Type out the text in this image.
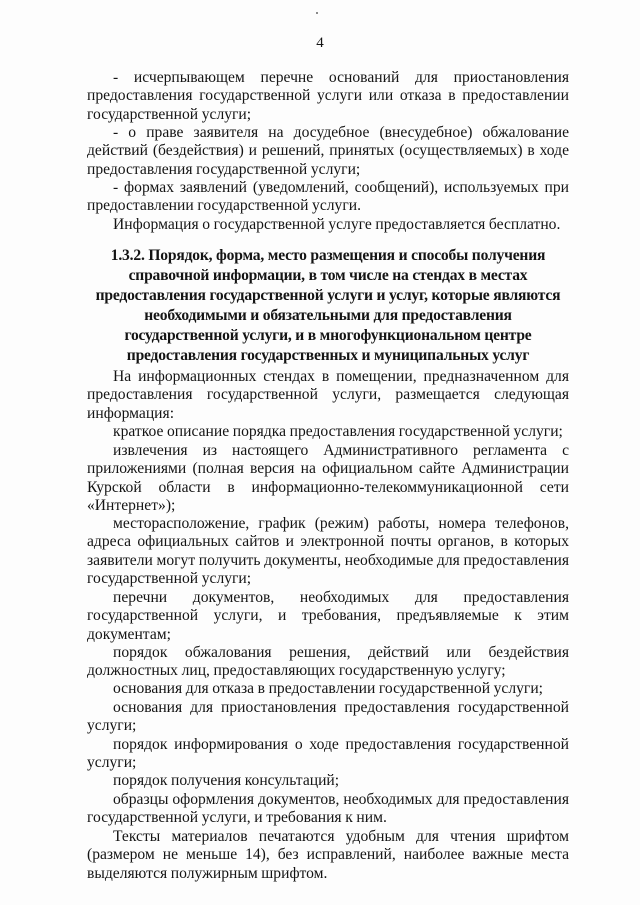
4

- исчерпывающем перечне оснований для приостановления предоставления государственной услуги или отказа в предоставлении государственной услуги;

- о праве заявителя на досудебное (внесудебное) обжалование действий (бездействия) и решений, принятых (осуществляемых) в ходе предоставления государственной услуги;

- формах заявлений (уведомлений, сообщений), используемых при предоставлении государственной услуги.

Информация о государственной услуге предоставляется бесплатно.

1.3.2. Порядок, форма, место размещения и способы получения справочной информации, в том числе на стендах в местах предоставления государственной услуги и услуг, которые являются необходимыми и обязательными для предоставления государственной услуги, и в многофункциональном центре предоставления государственных и муниципальных услуг

На информационных стендах в помещении, предназначенном для предоставления государственной услуги, размещается следующая информация:

краткое описание порядка предоставления государственной услуги;

извлечения из настоящего Административного регламента с приложениями (полная версия на официальном сайте Администрации Курской области в информационно-телекоммуникационной сети «Интернет»);

месторасположение, график (режим) работы, номера телефонов, адреса официальных сайтов и электронной почты органов, в которых заявители могут получить документы, необходимые для предоставления государственной услуги;

перечни документов, необходимых для предоставления государственной услуги, и требования, предъявляемые к этим документам;

порядок обжалования решения, действий или бездействия должностных лиц, предоставляющих государственную услугу;

основания для отказа в предоставлении государственной услуги;

основания для приостановления предоставления государственной услуги;

порядок информирования о ходе предоставления государственной услуги;

порядок получения консультаций;

образцы оформления документов, необходимых для предоставления государственной услуги, и требования к ним.

Тексты материалов печатаются удобным для чтения шрифтом (размером не меньше 14), без исправлений, наиболее важные места выделяются полужирным шрифтом.
